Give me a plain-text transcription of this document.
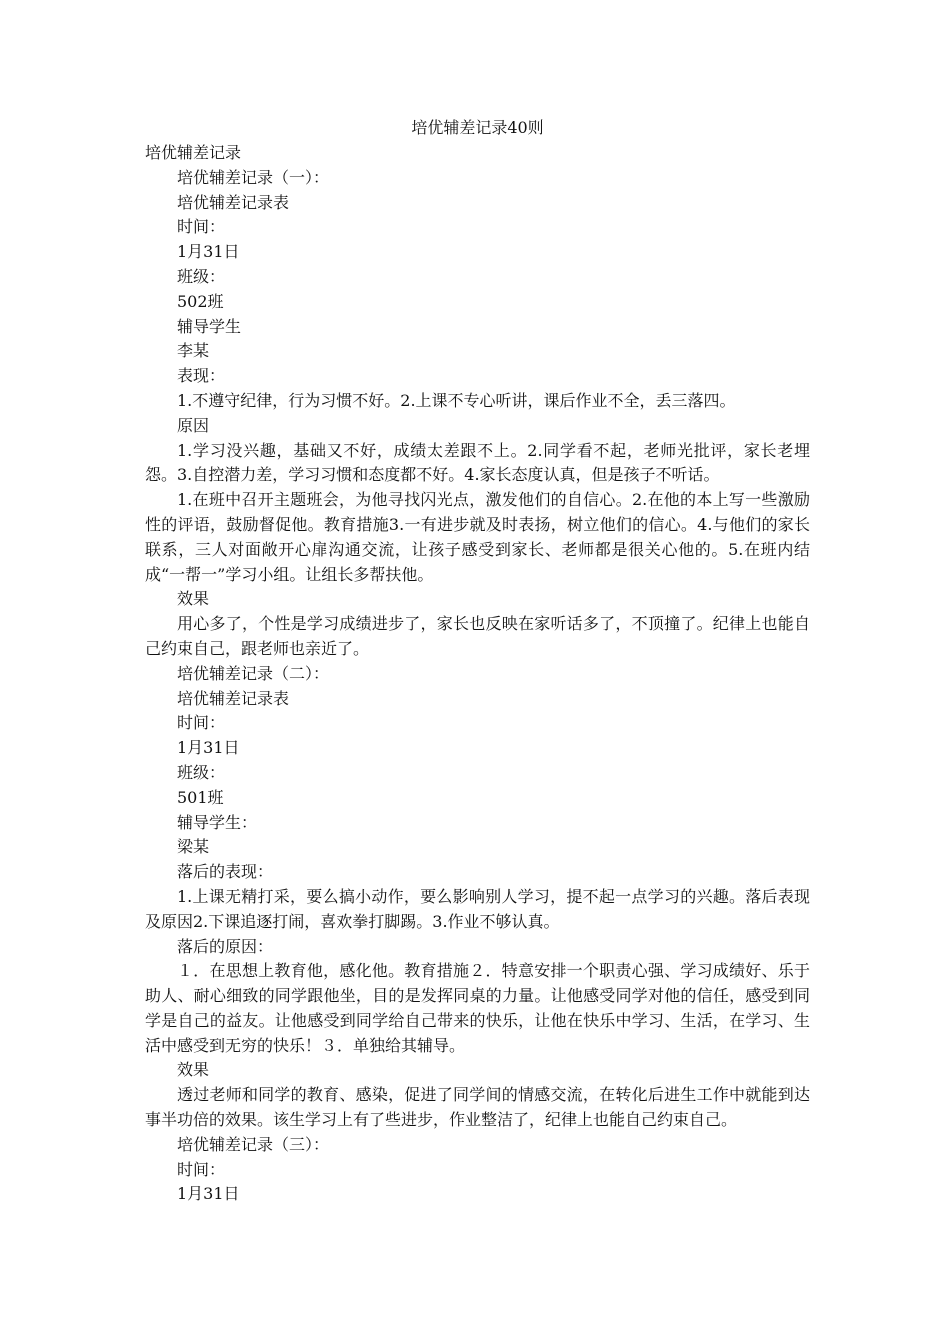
培优辅差记录40则

培优辅差记录

培优辅差记录（一）：

培优辅差记录表

时间：

1月31日

班级：

502班

辅导学生

李某

表现：

1.不遵守纪律，行为习惯不好。2.上课不专心听讲，课后作业不全，丢三落四。

原因

1.学习没兴趣，基础又不好，成绩太差跟不上。2.同学看不起，老师光批评，家长老埋怨。3.自控潜力差，学习习惯和态度都不好。4.家长态度认真，但是孩子不听话。

1.在班中召开主题班会，为他寻找闪光点，激发他们的自信心。2.在他的本上写一些激励性的评语，鼓励督促他。教育措施3.一有进步就及时表扬，树立他们的信心。4.与他们的家长联系，三人对面敞开心扉沟通交流，让孩子感受到家长、老师都是很关心他的。5.在班内结成“一帮一”学习小组。让组长多帮扶他。

效果

用心多了，个性是学习成绩进步了，家长也反映在家听话多了，不顶撞了。纪律上也能自己约束自己，跟老师也亲近了。

培优辅差记录（二）：

培优辅差记录表

时间：

1月31日

班级：

501班

辅导学生：

梁某

落后的表现：

1.上课无精打采，要么搞小动作，要么影响别人学习，提不起一点学习的兴趣。落后表现及原因2.下课追逐打闹，喜欢拳打脚踢。3.作业不够认真。

落后的原因：

１．在思想上教育他，感化他。教育措施２．特意安排一个职责心强、学习成绩好、乐于助人、耐心细致的同学跟他坐，目的是发挥同桌的力量。让他感受同学对他的信任，感受到同学是自己的益友。让他感受到同学给自己带来的快乐，让他在快乐中学习、生活，在学习、生活中感受到无穷的快乐！３．单独给其辅导。

效果

透过老师和同学的教育、感染，促进了同学间的情感交流，在转化后进生工作中就能到达事半功倍的效果。该生学习上有了些进步，作业整洁了，纪律上也能自己约束自己。

培优辅差记录（三）：

时间：

1月31日
